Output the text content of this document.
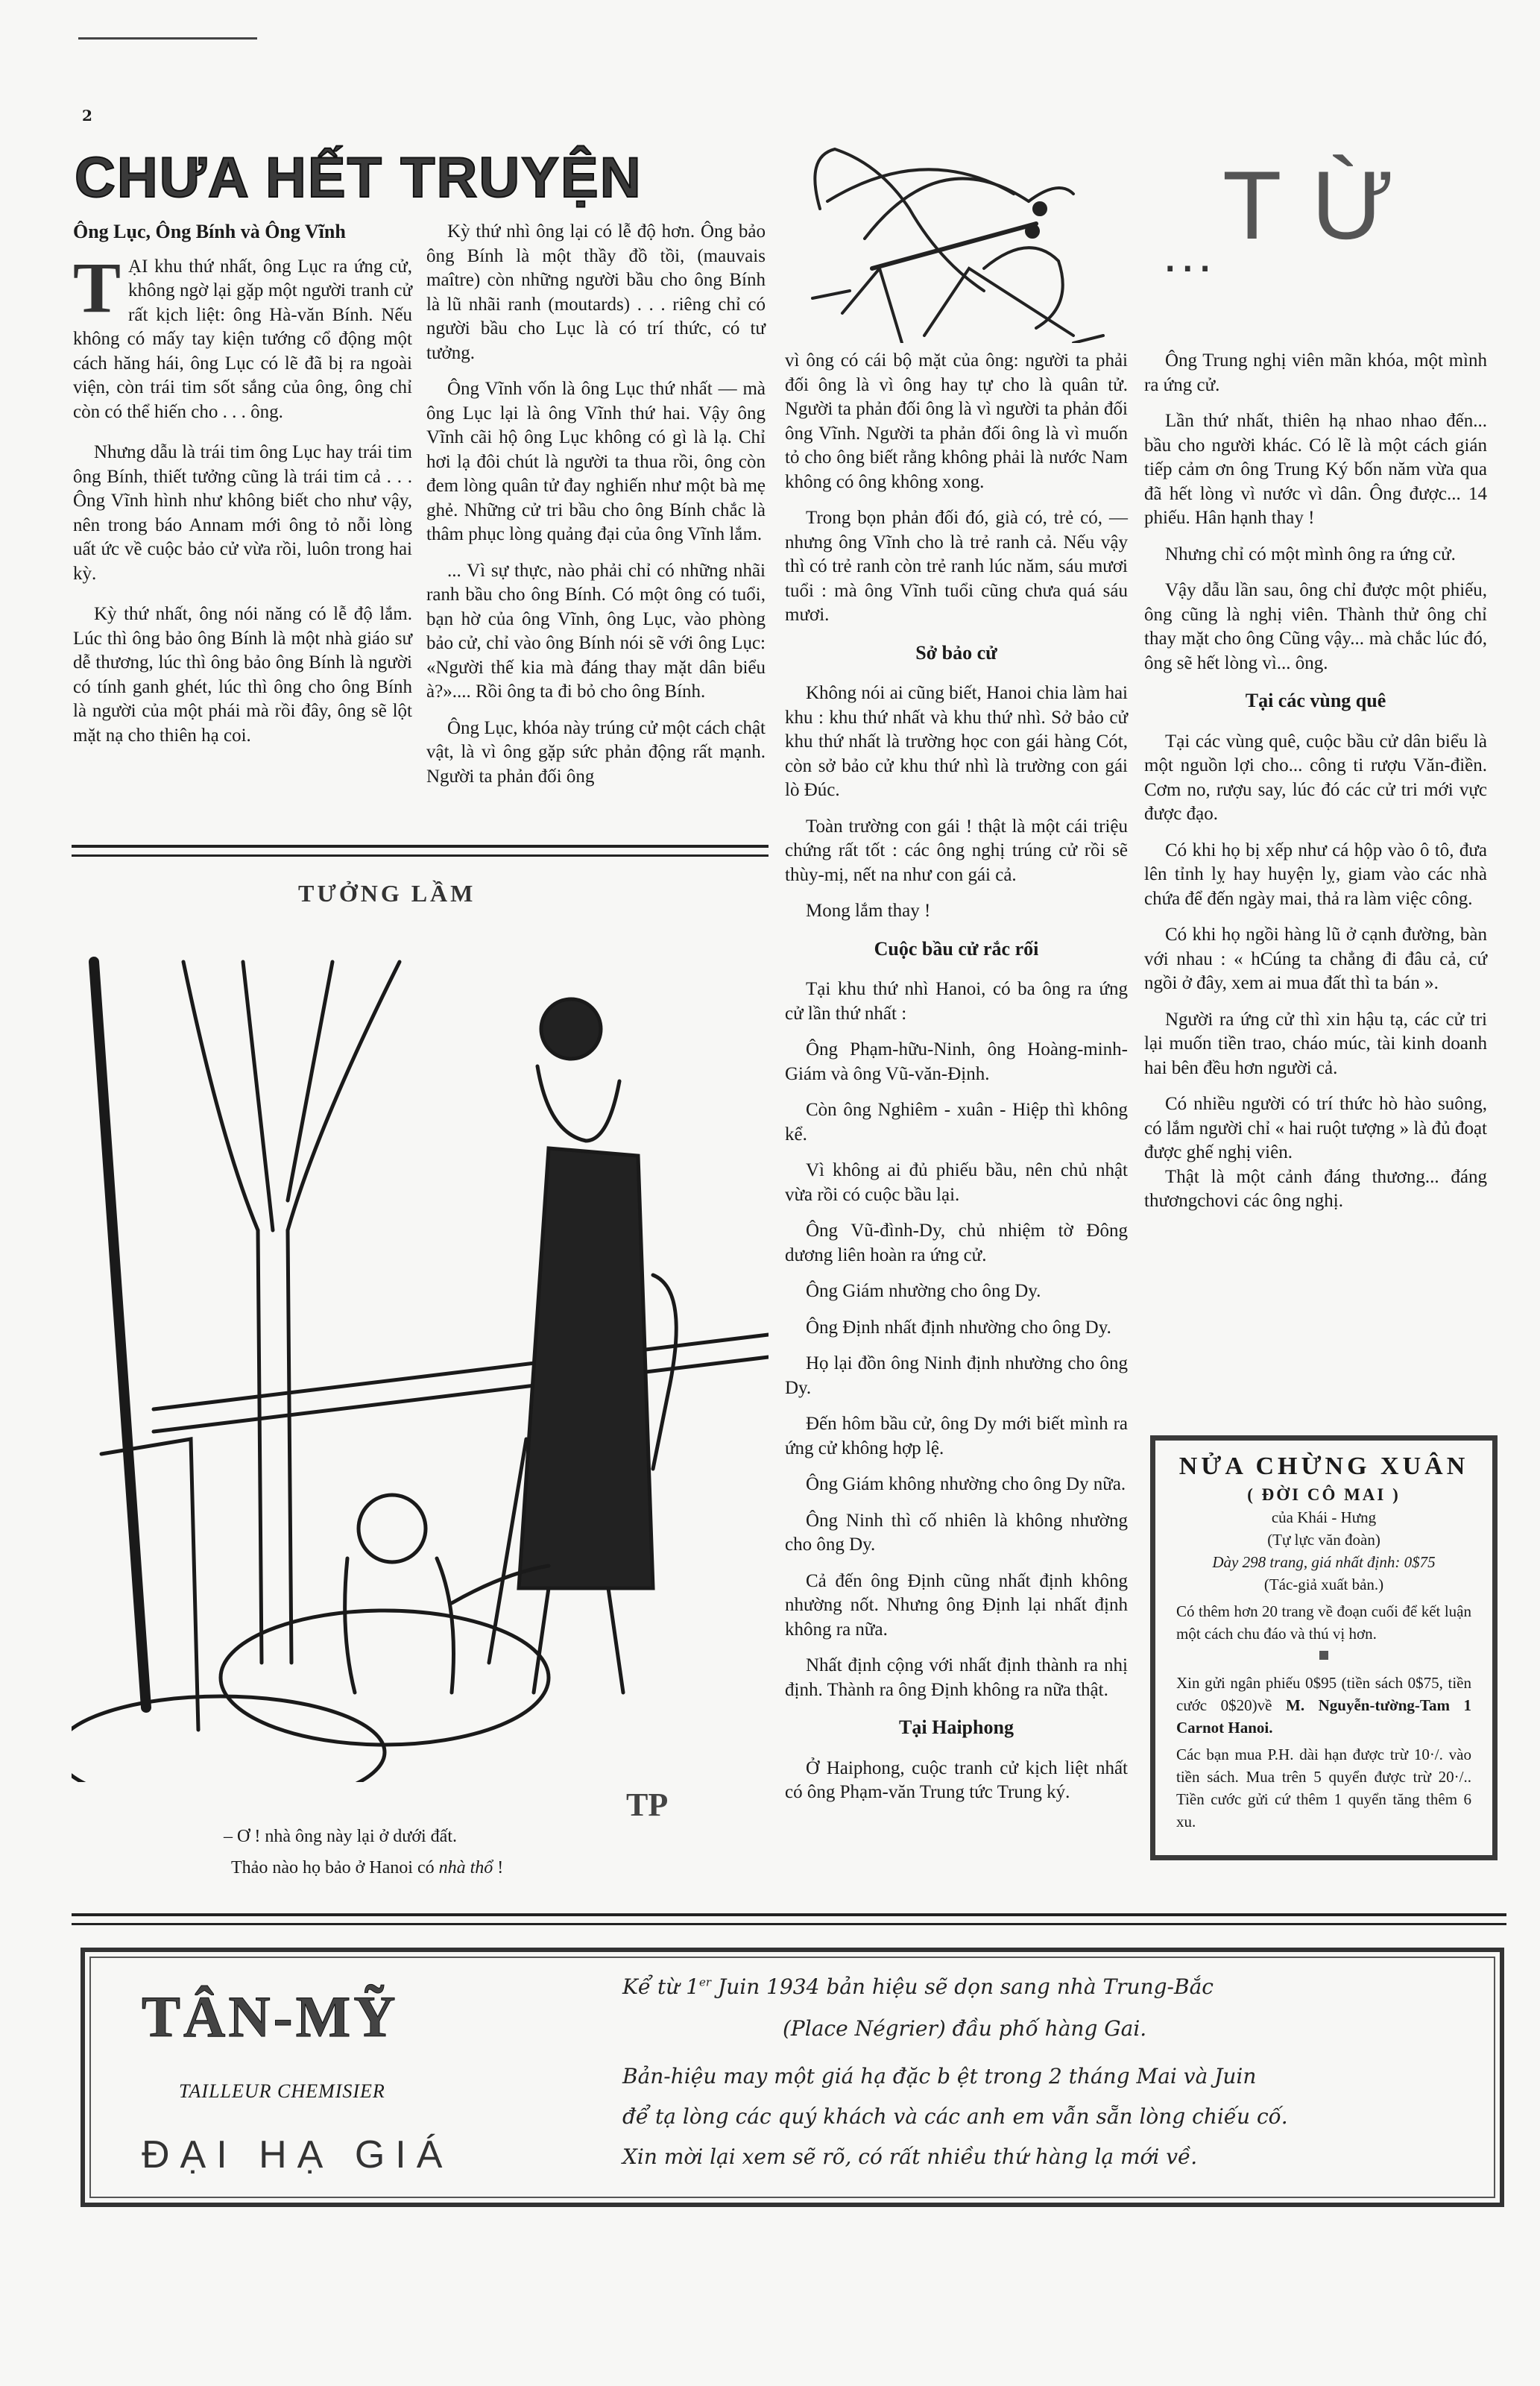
2
CHƯA HẾT TRUYỆN
... TỪ
Ông Lục, Ông Bính và Ông Vĩnh

TẠI khu thứ nhất, ông Lục ra ứng cử, không ngờ lại gặp một người tranh cử rất kịch liệt: ông Hà-văn Bính. Nếu không có mấy tay kiện tướng cổ động một cách hăng hái, ông Lục có lẽ đã bị ra ngoài viện, còn trái tim sốt sắng của ông, ông chỉ còn có thể hiến cho . . . ông.

Nhưng dẫu là trái tim ông Lục hay trái tim ông Bính, thiết tưởng cũng là trái tim cả . . . Ông Vĩnh hình như không biết cho như vậy, nên trong báo Annam mới ông tỏ nỗi lòng uất ức về cuộc bảo cử vừa rồi, luôn trong hai kỳ.

Kỳ thứ nhất, ông nói năng có lễ độ lắm. Lúc thì ông bảo ông Bính là một nhà giáo sư dễ thương, lúc thì ông bảo ông Bính là người có tính ganh ghét, lúc thì ông cho ông Bính là người của một phái mà rồi đây, ông sẽ lột mặt nạ cho thiên hạ coi.

Kỳ thứ nhì ông lại có lễ độ hơn. Ông bảo ông Bính là một thầy đồ tồi, (mauvais maître) còn những người bầu cho ông Bính là lũ nhãi ranh (moutards) . . . riêng chỉ có người bầu cho Lục là có trí thức, có tư tưởng.

Ông Vĩnh vốn là ông Lục thứ nhất — mà ông Lục lại là ông Vĩnh thứ hai. Vậy ông Vĩnh cãi hộ ông Lục không có gì là lạ. Chỉ hơi lạ đôi chút là người ta thua rồi, ông còn đem lòng quân tử đay nghiến như một bà mẹ ghẻ. Những cử tri bầu cho ông Bính chắc là thâm phục lòng quảng đại của ông Vĩnh lắm.

... Vì sự thực, nào phải chỉ có những nhãi ranh bầu cho ông Bính. Có một ông có tuổi, bạn hờ của ông Vĩnh, ông Lục, vào phòng bảo cử, chỉ vào ông Bính nói sẽ với ông Lục: «Người thế kia mà đáng thay mặt dân biểu à?».... Rồi ông ta đi bỏ cho ông Bính.

Ông Lục, khóa này trúng cử một cách chật vật, là vì ông gặp sức phản động rất mạnh. Người ta phản đối ông

vì ông có cái bộ mặt của ông: người ta phải đối ông là vì ông hay tự cho là quân tử. Người ta phản đối ông là vì người ta phản đối ông Vĩnh. Người ta phản đối ông là vì muốn tỏ cho ông biết rằng không phải là nước Nam không có ông không xong.

Trong bọn phản đối đó, già có, trẻ có, — nhưng ông Vĩnh cho là trẻ ranh cả. Nếu vậy thì có trẻ ranh còn trẻ ranh lúc năm, sáu mươi tuổi : mà ông Vĩnh tuổi cũng chưa quá sáu mươi.

Sở bảo cử

Không nói ai cũng biết, Hanoi chia làm hai khu : khu thứ nhất và khu thứ nhì. Sở bảo cử khu thứ nhất là trường học con gái hàng Cót, còn sở bảo cử khu thứ nhì là trường con gái lò Đúc.

Toàn trường con gái ! thật là một cái triệu chứng rất tốt : các ông nghị trúng cử rồi sẽ thùy-mị, nết na như con gái cả.

Mong lắm thay !

Cuộc bầu cử rắc rối

Tại khu thứ nhì Hanoi, có ba ông ra ứng cử lần thứ nhất :

Ông Phạm-hữu-Ninh, ông Hoàng-minh-Giám và ông Vũ-văn-Định.

Còn ông Nghiêm - xuân - Hiệp thì không kể.

Vì không ai đủ phiếu bầu, nên chủ nhật vừa rồi có cuộc bầu lại.

Ông Vũ-đình-Dy, chủ nhiệm tờ Đông dương liên hoàn ra ứng cử.

Ông Giám nhường cho ông Dy.

Ông Định nhất định nhường cho ông Dy.

Họ lại đồn ông Ninh định nhường cho ông Dy.

Đến hôm bầu cử, ông Dy mới biết mình ra ứng cử không hợp lệ.

Ông Giám không nhường cho ông Dy nữa.

Ông Ninh thì cố nhiên là không nhường cho ông Dy.

Cả đến ông Định cũng nhất định không nhường nốt. Nhưng ông Định lại nhất định không ra nữa.

Nhất định cộng với nhất định thành ra nhị định. Thành ra ông Định không ra nữa thật.

Tại Haiphong

Ở Haiphong, cuộc tranh cử kịch liệt nhất có ông Phạm-văn Trung tức Trung ký.

Ông Trung nghị viên mãn khóa, một mình ra ứng cử.

Lần thứ nhất, thiên hạ nhao nhao đến... bầu cho người khác. Có lẽ là một cách gián tiếp cảm ơn ông Trung Ký bốn năm vừa qua đã hết lòng vì nước vì dân. Ông được... 14 phiếu. Hân hạnh thay !

Nhưng chỉ có một mình ông ra ứng cử.

Vậy dẫu lần sau, ông chỉ được một phiếu, ông cũng là nghị viên. Thành thử ông chỉ thay mặt cho ông Cũng vậy... mà chắc lúc đó, ông sẽ hết lòng vì... ông.

Tại các vùng quê

Tại các vùng quê, cuộc bầu cử dân biểu là một nguồn lợi cho... công ti rượu Văn-điền. Cơm no, rượu say, lúc đó các cử tri mới vực được đạo.

Có khi họ bị xếp như cá hộp vào ô tô, đưa lên tỉnh lỵ hay huyện lỵ, giam vào các nhà chứa để đến ngày mai, thả ra làm việc công.

Có khi họ ngồi hàng lũ ở cạnh đường, bàn với nhau : « hCúng ta chẳng đi đâu cả, cứ ngồi ở đây, xem ai mua đất thì ta bán ».

Người ra ứng cử thì xin hậu tạ, các cử tri lại muốn tiền trao, cháo múc, tài kinh doanh hai bên đều hơn người cả.

Có nhiều người có trí thức hò hào suông, có lắm người chỉ « hai ruột tượng » là đủ đoạt được ghế nghị viên.

Thật là một cảnh đáng thương... đáng thươngchovi các ông nghị.

TƯỞNG LẦM
TP
– Ơ ! nhà ông này lại ở dưới đất.
Thảo nào họ bảo ở Hanoi có nhà thổ !
NỬA CHỪNG XUÂN
( ĐỜI CÔ MAI )
của Khái - Hưng
(Tự lực văn đoàn)
Dày 298 trang, giá nhất định: 0$75
(Tác-giả xuất bản.)
Có thêm hơn 20 trang về đoạn cuối để kết luận một cách chu đáo và thú vị hơn.
Xin gửi ngân phiếu 0$95 (tiền sách 0$75, tiền cước 0$20)về M. Nguyễn-tường-Tam 1 Carnot Hanoi.
Các bạn mua P.H. dài hạn được trừ 10·/. vào tiền sách. Mua trên 5 quyển được trừ 20·/.. Tiền cước gửi cứ thêm 1 quyển tăng thêm 6 xu.
TÂN-MỸ
TAILLEUR CHEMISIER
ĐẠI HẠ GIÁ
Kể từ 1er Juin 1934 bản hiệu sẽ dọn sang nhà Trung-Bắc
(Place Négrier) đầu phố hàng Gai.
Bản-hiệu may một giá hạ đặc b ệt trong 2 tháng Mai và Juin
để tạ lòng các quý khách và các anh em vẫn sẵn lòng chiếu cố.
Xin mời lại xem sẽ rõ, có rất nhiều thứ hàng lạ mới về.
